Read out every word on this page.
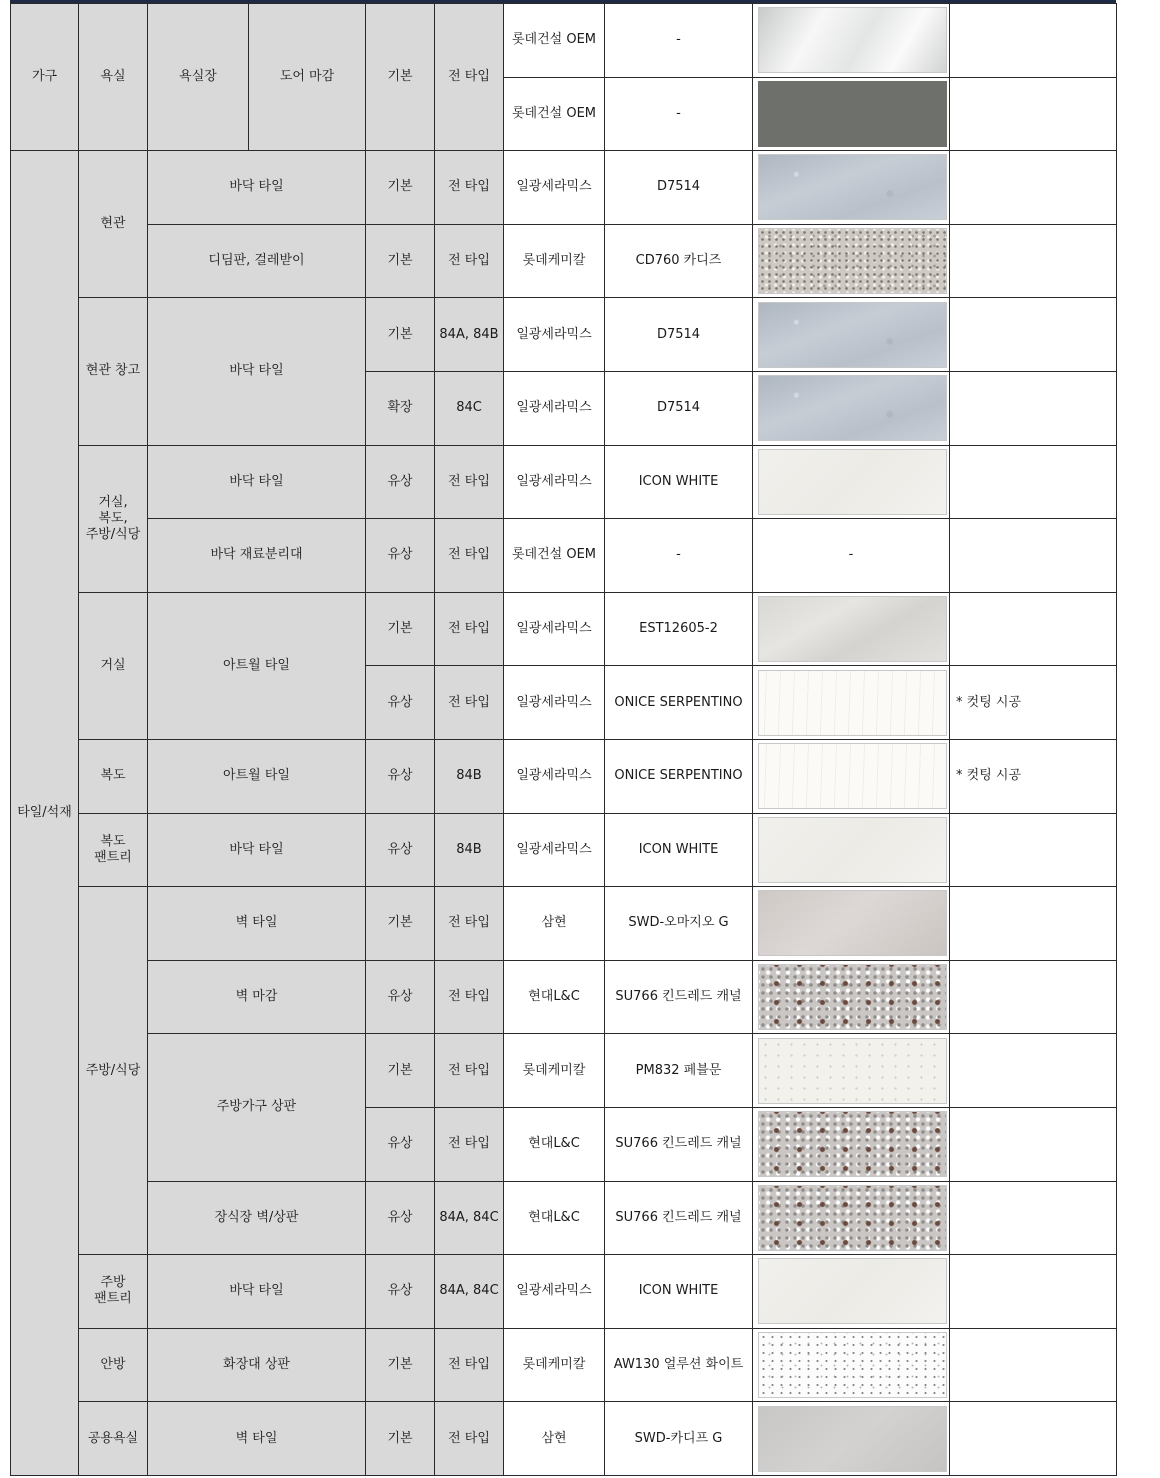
가구	욕실	욕실장	도어 마감	기본	전 타입	롯데건설 OEM	-	

						롯데건설 OEM	-	

타일/석재	현관	바닥 타일		기본	전 타입	일광세라믹스	D7514	

		디딤판, 걸레받이		기본	전 타입	롯데케미칼	CD760 카디즈	

	현관 창고	바닥 타일		기본	84A, 84B	일광세라믹스	D7514	

				확장	84C	일광세라믹스	D7514	

	거실,
복도,
주방/식당	바닥 타일		유상	전 타입	일광세라믹스	ICON WHITE	

		바닥 재료분리대		유상	전 타입	롯데건설 OEM	-	-	
	거실	아트월 타일		기본	전 타입	일광세라믹스	EST12605-2	

				유상	전 타입	일광세라믹스	ONICE SERPENTINO		* 컷팅 시공
	복도	아트월 타일		유상	84B	일광세라믹스	ONICE SERPENTINO		* 컷팅 시공
	복도
팬트리	바닥 타일		유상	84B	일광세라믹스	ICON WHITE	

	주방/식당	벽 타일		기본	전 타입	삼현	SWD-오마지오 G	

		벽 마감		유상	전 타입	현대L&C	SU766 킨드레드 캐널	

		주방가구 상판		기본	전 타입	롯데케미칼	PM832 페블문	

				유상	전 타입	현대L&C	SU766 킨드레드 캐널	

		장식장 벽/상판		유상	84A, 84C	현대L&C	SU766 킨드레드 캐널	

	주방
팬트리	바닥 타일		유상	84A, 84C	일광세라믹스	ICON WHITE	

	안방	화장대 상판		기본	전 타입	롯데케미칼	AW130 얼루션 화이트	

	공용욕실	벽 타일		기본	전 타입	삼현	SWD-카디프 G	
